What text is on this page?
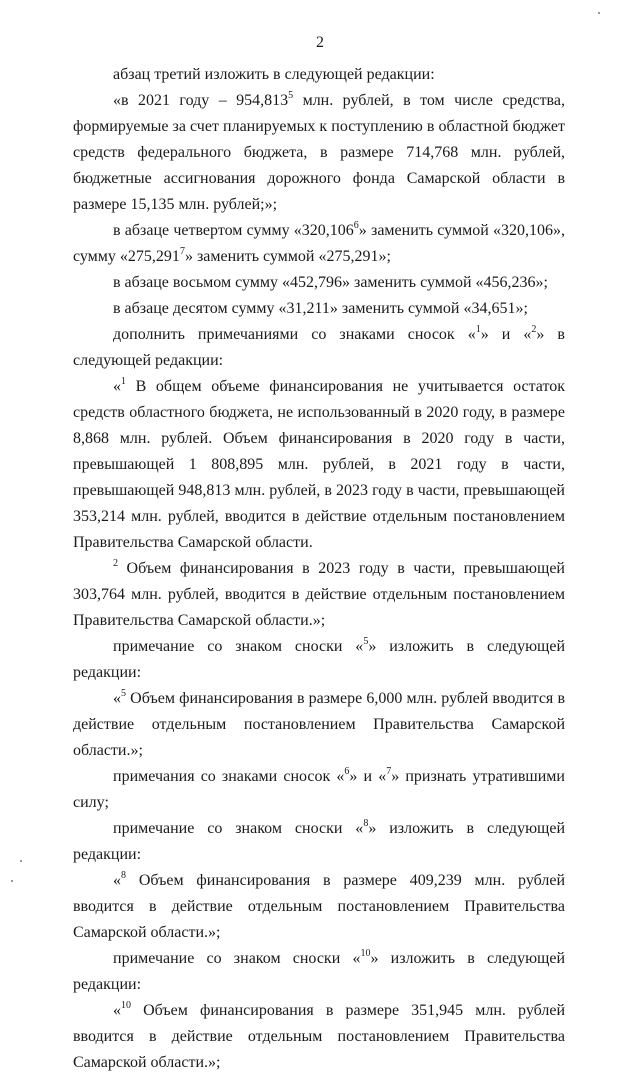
2

абзац третий изложить в следующей редакции:

«в 2021 году – 954,813$^5$ млн. рублей, в том числе средства, формируемые за счет планируемых к поступлению в областной бюджет средств федерального бюджета, в размере 714,768 млн. рублей, бюджетные ассигнования дорожного фонда Самарской области в размере 15,135 млн. рублей;»;

в абзаце четвертом сумму «320,106$^6$» заменить суммой «320,106», сумму «275,291$^7$» заменить суммой «275,291»;

в абзаце восьмом сумму «452,796» заменить суммой «456,236»;

в абзаце десятом сумму «31,211» заменить суммой «34,651»;

дополнить примечаниями со знаками сносок «$^1$» и «$^2$» в следующей редакции:

«$^1$ В общем объеме финансирования не учитывается остаток средств областного бюджета, не использованный в 2020 году, в размере 8,868 млн. рублей. Объем финансирования в 2020 году в части, превышающей 1 808,895 млн. рублей, в 2021 году в части, превышающей 948,813 млн. рублей, в 2023 году в части, превышающей 353,214 млн. рублей, вводится в действие отдельным постановлением Правительства Самарской области.

$^2$ Объем финансирования в 2023 году в части, превышающей 303,764 млн. рублей, вводится в действие отдельным постановлением Правительства Самарской области.»;

примечание со знаком сноски «$^5$» изложить в следующей редакции:

«$^5$ Объем финансирования в размере 6,000 млн. рублей вводится в действие отдельным постановлением Правительства Самарской области.»;

примечания со знаками сносок «$^6$» и «$^7$» признать утратившими силу;

примечание со знаком сноски «$^8$» изложить в следующей редакции:

«$^8$ Объем финансирования в размере 409,239 млн. рублей вводится в действие отдельным постановлением Правительства Самарской области.»;

примечание со знаком сноски «$^{10}$» изложить в следующей редакции:

«$^{10}$ Объем финансирования в размере 351,945 млн. рублей вводится в действие отдельным постановлением Правительства Самарской области.»;
